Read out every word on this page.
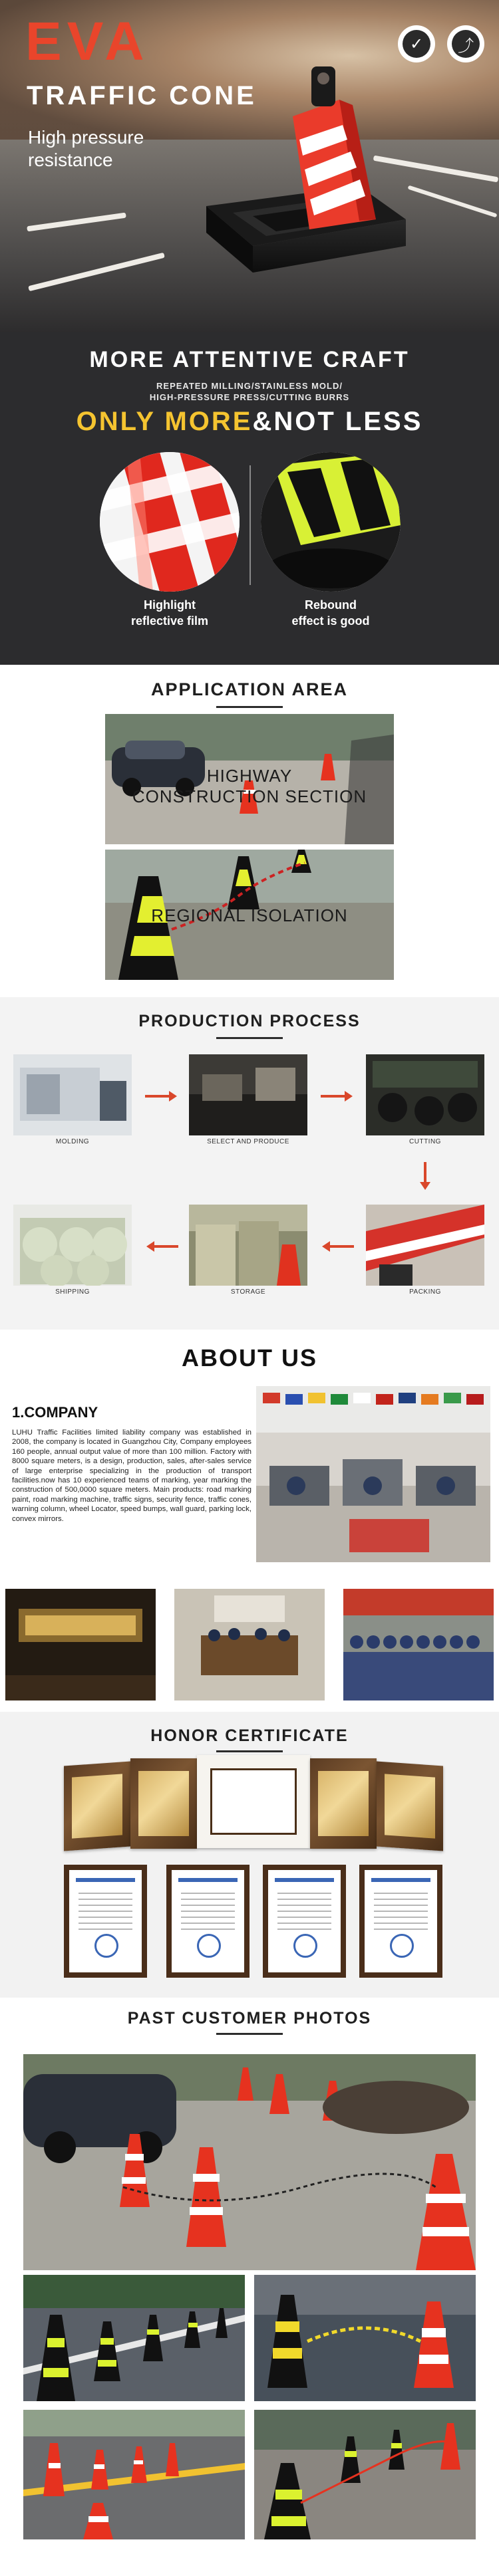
EVA
TRAFFIC CONE
High pressure resistance
✓	⤴
MORE ATTENTIVE CRAFT
REPEATED MILLING/STAINLESS MOLD/
HIGH-PRESSURE PRESS/CUTTING BURRS
ONLY MORE&NOT LESS
Highlight
reflective film
Rebound
effect is good
APPLICATION AREA
HIGHWAY
CONSTRUCTION SECTION
REGIONAL ISOLATION
PRODUCTION PROCESS
MOLDING	SELECT AND PRODUCE	CUTTING
PACKING
STORAGE
SHIPPING
ABOUT US
1.COMPANY
LUHU Traffic Facilities limited liability company was established in 2008, the company is located in Guangzhou City, Company employees 160 people, annual output value of more than 100 million. Factory with 8000 square meters, is a design, production, sales, after-sales service of large enterprise specializing in the production of transport facilities.now has 10 experienced teams of marking, year marking the construction of 500,0000 square meters. Main products: road marking paint, road marking machine, traffic signs, security fence, traffic cones, warning column, wheel Locator, speed bumps, wall guard, parking lock, convex mirrors.
HONOR CERTIFICATE
PAST CUSTOMER PHOTOS
